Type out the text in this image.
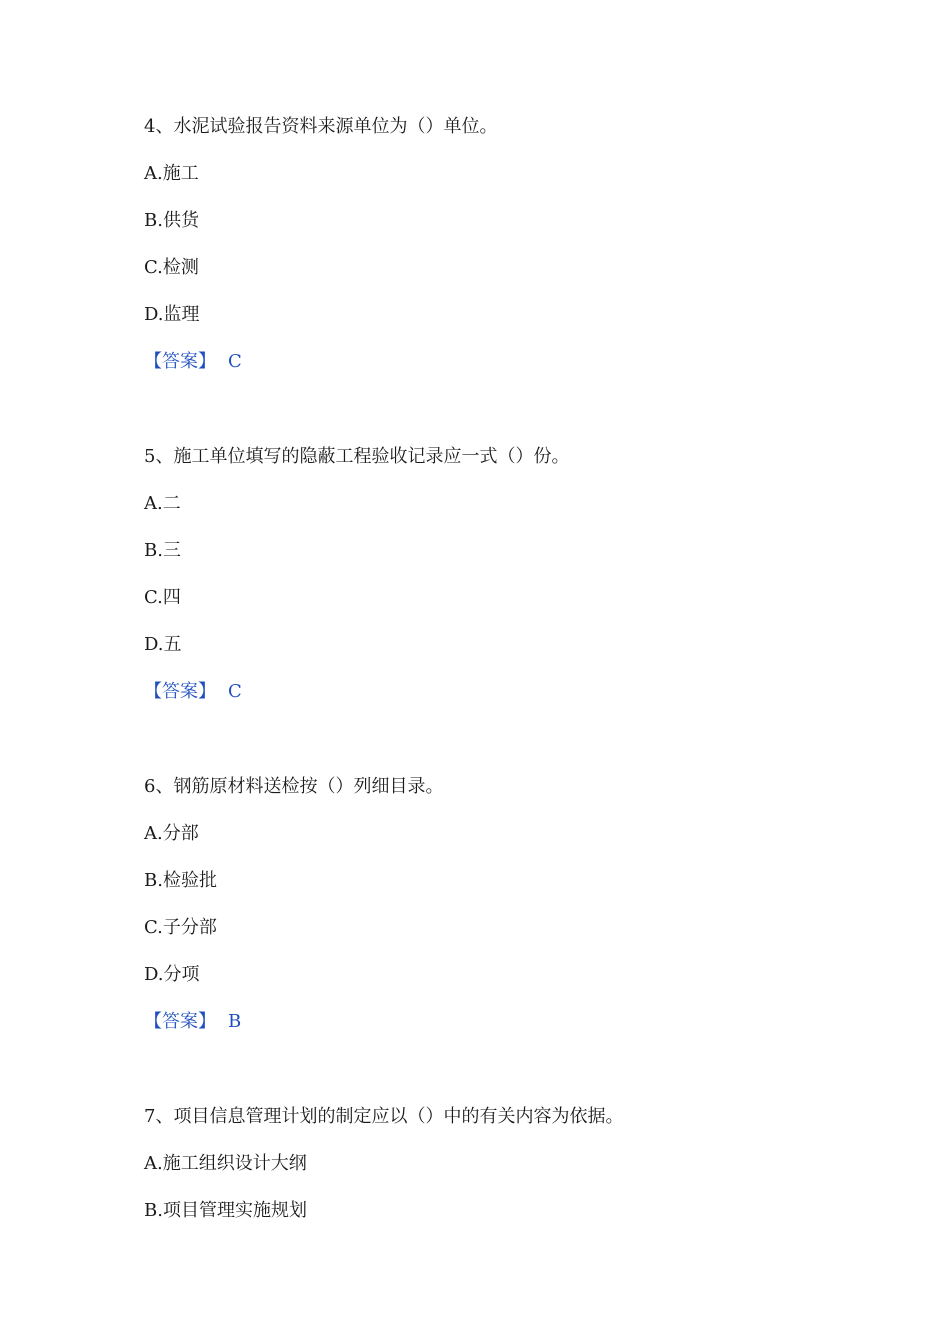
4、水泥试验报告资料来源单位为（）单位。
A.施工
B.供货
C.检测
D.监理
【答案】 C
5、施工单位填写的隐蔽工程验收记录应一式（）份。
A.二
B.三
C.四
D.五
【答案】 C
6、钢筋原材料送检按（）列细目录。
A.分部
B.检验批
C.子分部
D.分项
【答案】 B
7、项目信息管理计划的制定应以（）中的有关内容为依据。
A.施工组织设计大纲
B.项目管理实施规划
